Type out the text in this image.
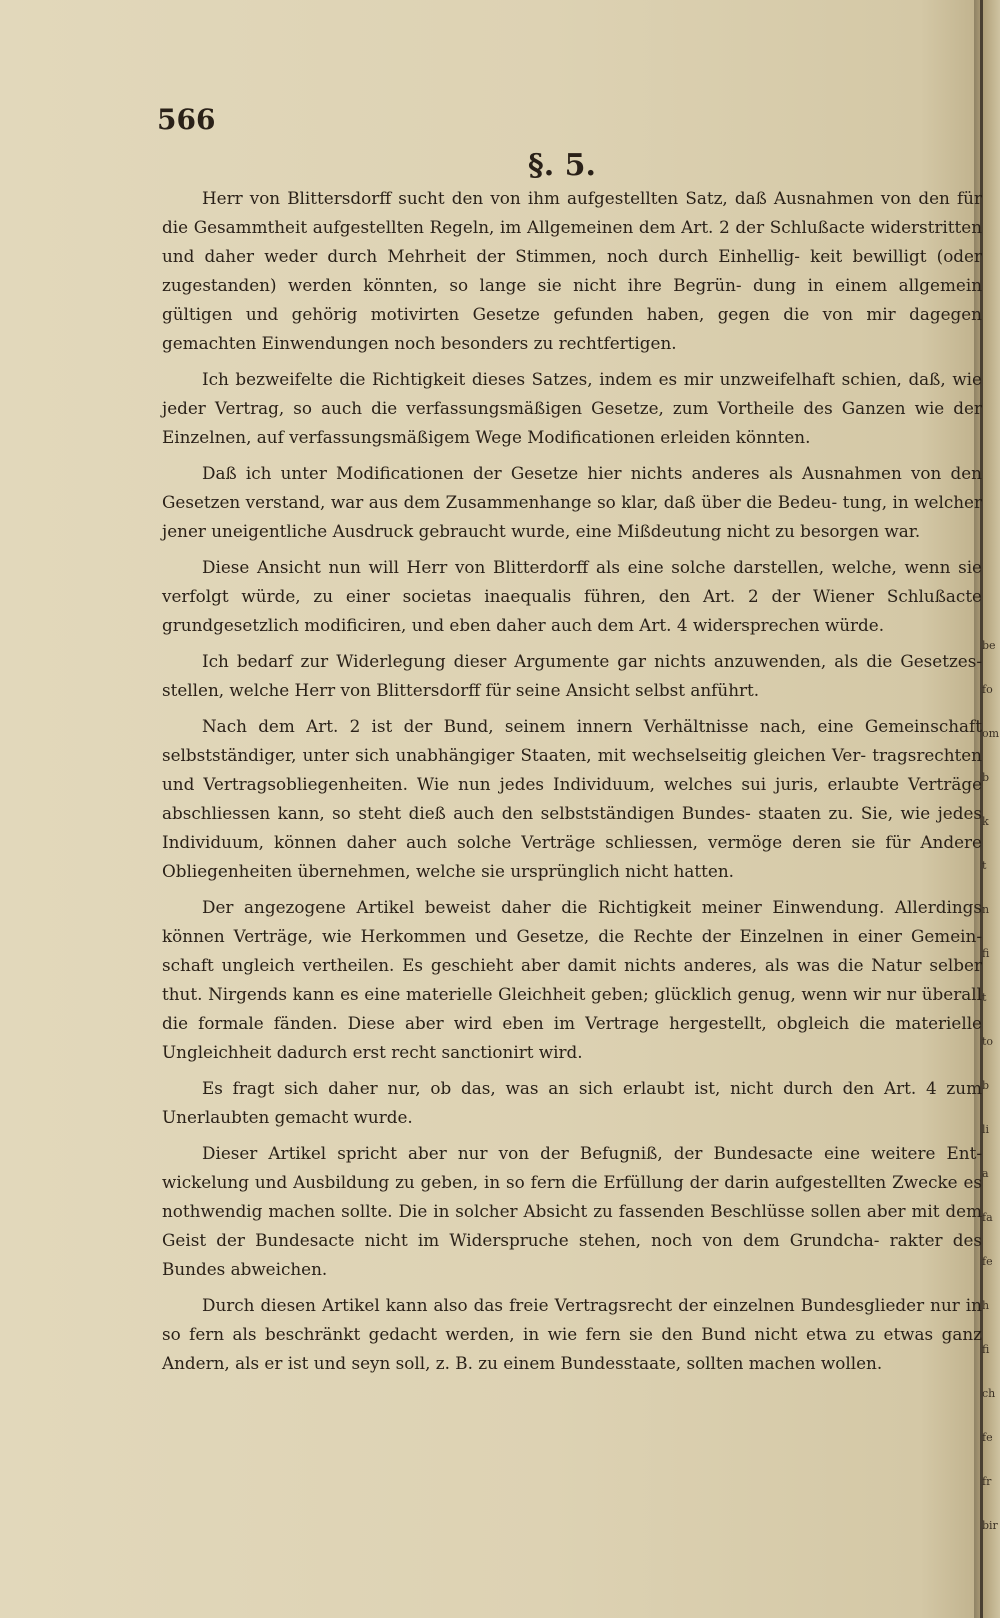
be
fo
om
b
k
t
n
fi
t
to
b
li
a
fa
fe
h
fi
ch
fe
fr
bir
566
§. 5.

Herr von Blittersdorff sucht den von ihm aufgestellten Satz, daß Ausnahmen von den für die Gesammtheit aufgestellten Regeln, im Allgemeinen dem Art. 2 der Schlußacte widerstritten und daher weder durch Mehrheit der Stimmen, noch durch Einhellig- keit bewilligt (oder zugestanden) werden könnten, so lange sie nicht ihre Begrün- dung in einem allgemein gültigen und gehörig motivirten Gesetze gefunden haben, gegen die von mir dagegen gemachten Einwendungen noch besonders zu rechtfertigen.

Ich bezweifelte die Richtigkeit dieses Satzes, indem es mir unzweifelhaft schien, daß, wie jeder Vertrag, so auch die verfassungsmäßigen Gesetze, zum Vortheile des Ganzen wie der Einzelnen, auf verfassungsmäßigem Wege Modificationen erleiden könnten.

Daß ich unter Modificationen der Gesetze hier nichts anderes als Ausnahmen von den Gesetzen verstand, war aus dem Zusammenhange so klar, daß über die Bedeu- tung, in welcher jener uneigentliche Ausdruck gebraucht wurde, eine Mißdeutung nicht zu besorgen war.

Diese Ansicht nun will Herr von Blitterdorff als eine solche darstellen, welche, wenn sie verfolgt würde, zu einer societas inaequalis führen, den Art. 2 der Wiener Schlußacte grundgesetzlich modificiren, und eben daher auch dem Art. 4 widersprechen würde.

Ich bedarf zur Widerlegung dieser Argumente gar nichts anzuwenden, als die Gesetzes- stellen, welche Herr von Blittersdorff für seine Ansicht selbst anführt.

Nach dem Art. 2 ist der Bund, seinem innern Verhältnisse nach, eine Gemeinschaft selbstständiger, unter sich unabhängiger Staaten, mit wechselseitig gleichen Ver- tragsrechten und Vertragsobliegenheiten. Wie nun jedes Individuum, welches sui juris, erlaubte Verträge abschliessen kann, so steht dieß auch den selbstständigen Bundes- staaten zu. Sie, wie jedes Individuum, können daher auch solche Verträge schliessen, vermöge deren sie für Andere Obliegenheiten übernehmen, welche sie ursprünglich nicht hatten.

Der angezogene Artikel beweist daher die Richtigkeit meiner Einwendung. Allerdings können Verträge, wie Herkommen und Gesetze, die Rechte der Einzelnen in einer Gemein- schaft ungleich vertheilen. Es geschieht aber damit nichts anderes, als was die Natur selber thut. Nirgends kann es eine materielle Gleichheit geben; glücklich genug, wenn wir nur überall die formale fänden. Diese aber wird eben im Vertrage hergestellt, obgleich die materielle Ungleichheit dadurch erst recht sanctionirt wird.

Es fragt sich daher nur, ob das, was an sich erlaubt ist, nicht durch den Art. 4 zum Unerlaubten gemacht wurde.

Dieser Artikel spricht aber nur von der Befugniß, der Bundesacte eine weitere Ent- wickelung und Ausbildung zu geben, in so fern die Erfüllung der darin aufgestellten Zwecke es nothwendig machen sollte. Die in solcher Absicht zu fassenden Beschlüsse sollen aber mit dem Geist der Bundesacte nicht im Widerspruche stehen, noch von dem Grundcha- rakter des Bundes abweichen.

Durch diesen Artikel kann also das freie Vertragsrecht der einzelnen Bundesglieder nur in so fern als beschränkt gedacht werden, in wie fern sie den Bund nicht etwa zu etwas ganz Andern, als er ist und seyn soll, z. B. zu einem Bundesstaate, sollten machen wollen.
